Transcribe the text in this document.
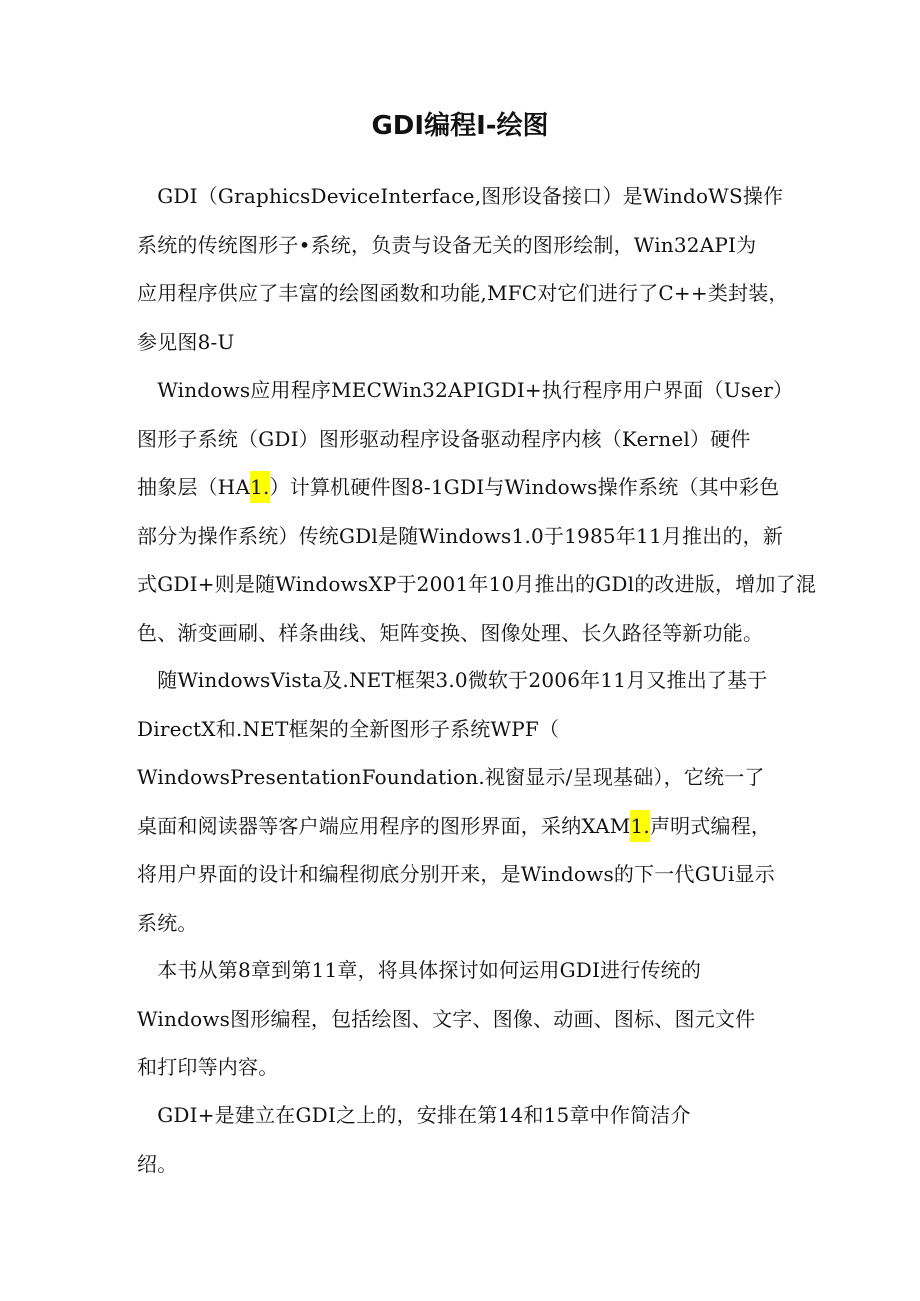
GDI编程I-绘图
　GDI（GraphicsDeviceInterface,图形设备接口）是WindoWS操作
系统的传统图形子•系统，负责与设备无关的图形绘制，Win32API为
应用程序供应了丰富的绘图函数和功能,MFC对它们进行了C++类封装，
参见图8-U
　Windows应用程序MECWin32APIGDI+执行程序用户界面（User）
图形子系统（GDI）图形驱动程序设备驱动程序内核（Kernel）硬件
抽象层（HA1.）计算机硬件图8-1GDI与Windows操作系统（其中彩色
部分为操作系统）传统GDl是随Windows1.0于1985年11月推出的，新
式GDI+则是随WindowsXP于2001年10月推出的GDl的改进版，增加了混
色、渐变画刷、样条曲线、矩阵变换、图像处理、长久路径等新功能。
　随WindowsVista及.NET框架3.0微软于2006年11月又推出了基于
DirectX和.NET框架的全新图形子系统WPF（
WindowsPresentationFoundation.视窗显示/呈现基础），它统一了
桌面和阅读器等客户端应用程序的图形界面，采纳XAM1.声明式编程，
将用户界面的设计和编程彻底分别开来，是Windows的下一代GUi显示
系统。
　本书从第8章到第11章，将具体探讨如何运用GDI进行传统的
Windows图形编程，包括绘图、文字、图像、动画、图标、图元文件
和打印等内容。
　GDI+是建立在GDI之上的，安排在第14和15章中作简洁介
绍。
